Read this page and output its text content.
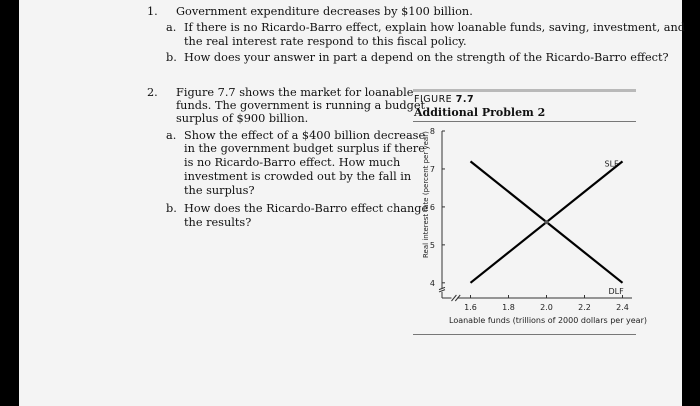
1. Government expenditure decreases by $100 billion.
a. If there is no Ricardo-Barro effect, explain how loanable funds, saving, investment, and
the real interest rate respond to this fiscal policy.
b. How does your answer in part a depend on the strength of the Ricardo-Barro effect?
2. Figure 7.7 shows the market for loanable
funds. The government is running a budget
surplus of $900 billion.
a. Show the effect of a $400 billion decrease
in the government budget surplus if there
is no Ricardo-Barro effect. How much
investment is crowded out by the fall in
the surplus?
b. How does the Ricardo-Barro effect change
the results?
FIGURE 7.7
Additional Problem 2
4
5
6
7
8
1.6	1.8	2.0	2.2	2.4
SLF
DLF
Real interest rate (percent per year)
Loanable funds (trillions of 2000 dollars per year)
